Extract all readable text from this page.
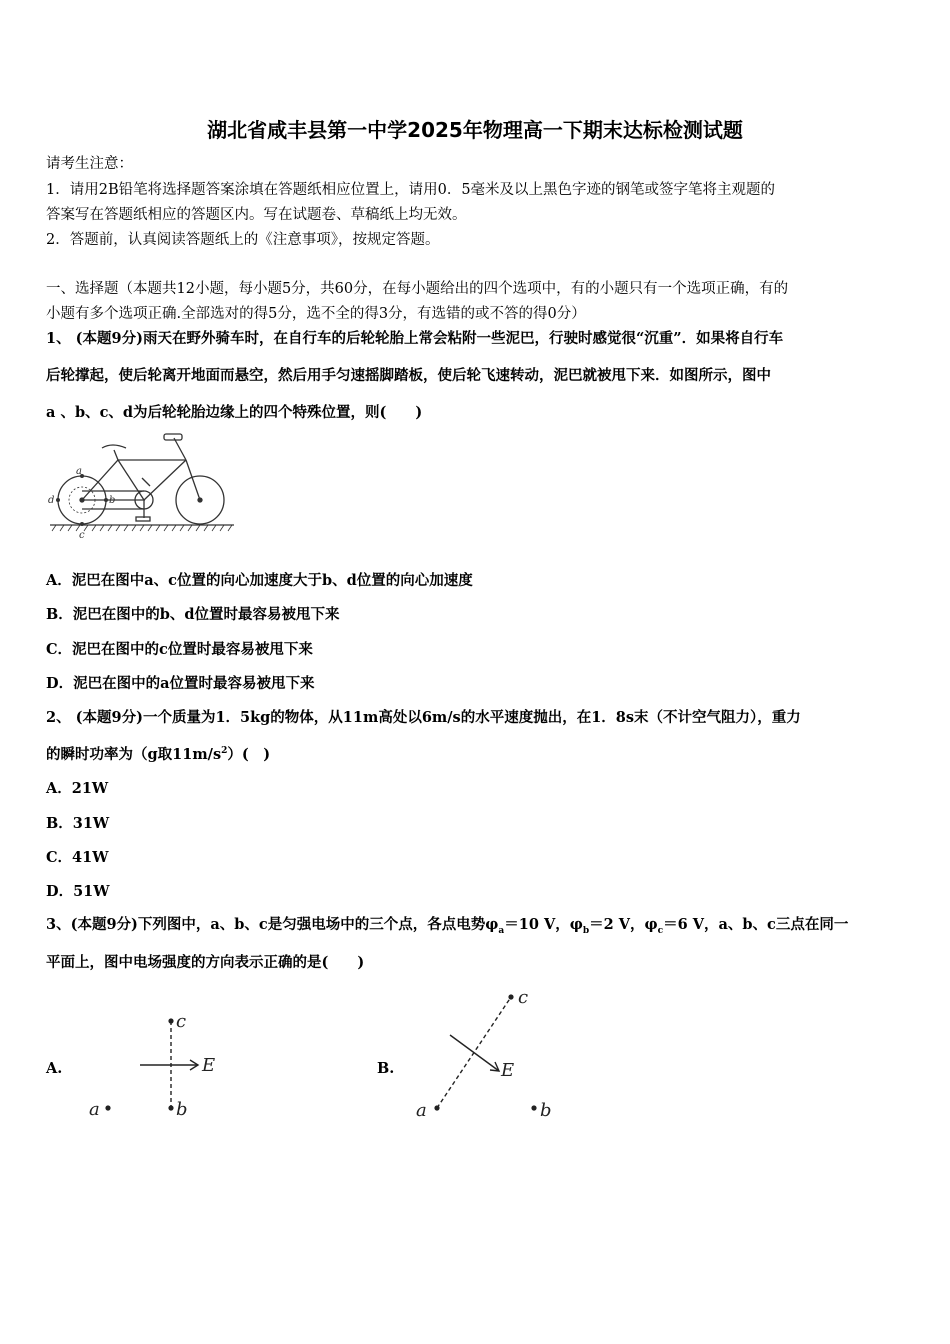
湖北省咸丰县第一中学2025年物理高一下期末达标检测试题
请考生注意：
1．请用2B铅笔将选择题答案涂填在答题纸相应位置上，请用0．5毫米及以上黑色字迹的钢笔或签字笔将主观题的
答案写在答题纸相应的答题区内。写在试题卷、草稿纸上均无效。
2．答题前，认真阅读答题纸上的《注意事项》，按规定答题。
一、选择题（本题共12小题，每小题5分，共60分，在每小题给出的四个选项中，有的小题只有一个选项正确，有的
小题有多个选项正确.全部选对的得5分，选不全的得3分，有选错的或不答的得0分）
1、 (本题9分)雨天在野外骑车时，在自行车的后轮轮胎上常会粘附一些泥巴，行驶时感觉很“沉重”．如果将自行车
后轮撑起，使后轮离开地面而悬空，然后用手匀速摇脚踏板，使后轮飞速转动，泥巴就被甩下来．如图所示，图中
a 、b、c、d为后轮轮胎边缘上的四个特殊位置，则(　　)
a
b
c
d
A．泥巴在图中a、c位置的向心加速度大于b、d位置的向心加速度
B．泥巴在图中的b、d位置时最容易被甩下来
C．泥巴在图中的c位置时最容易被甩下来
D．泥巴在图中的a位置时最容易被甩下来
2、 (本题9分)一个质量为1．5kg的物体，从11m高处以6m/s的水平速度抛出，在1．8s末（不计空气阻力），重力
的瞬时功率为（g取$11m/s^2$）(　)
A．21W
B．31W
C．41W
D．51W
3、(本题9分)下列图中，a、b、c是匀强电场中的三个点，各点电势$\varphi_a=10$ V，$\varphi_b=2$ V，$\varphi_c=6$ V，a、b、c三点在同一
平面上，图中电场强度的方向表示正确的是(　　)
A.
c
b
a
E	B.
c
a	b
E
